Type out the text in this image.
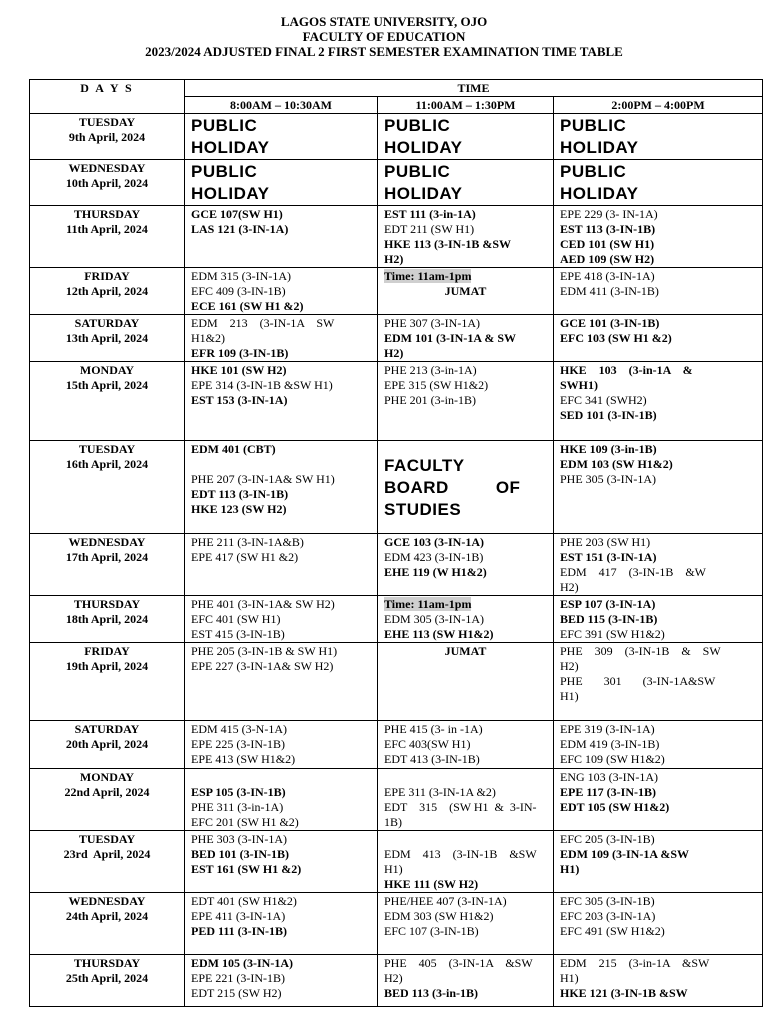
LAGOS STATE UNIVERSITY, OJO
FACULTY OF EDUCATION
2023/2024 ADJUSTED FINAL 2 FIRST SEMESTER EXAMINATION TIME TABLE
D A Y S	TIME		
	8:00AM – 10:30AM	11:00AM – 1:30PM	2:00PM – 4:00PM

TUESDAY
9th April, 2024	PUBLIC
HOLIDAY	PUBLIC
HOLIDAY	PUBLIC
HOLIDAY

WEDNESDAY
10th April, 2024	PUBLIC
HOLIDAY	PUBLIC
HOLIDAY	PUBLIC
HOLIDAY

THURSDAY
11th April, 2024	GCE 107(SW H1)
LAS 121 (3-IN-1A)	EST 111 (3-in-1A)
EDT 211 (SW H1)
HKE 113 (3-IN-1B &SW
H2)	EPE 229 (3- IN-1A)
EST 113 (3-IN-1B)
CED 101 (SW H1)
AED 109 (SW H2)

FRIDAY
12th April, 2024	EDM 315 (3-IN-1A)
EFC 409 (3-IN-1B)
ECE 161 (SW H1 &2)	Time: 11am-1pm
JUMAT	EPE 418 (3-IN-1A)
EDM 411 (3-IN-1B)

SATURDAY
13th April, 2024	EDM    213    (3-IN-1A    SW
H1&2)
EFR 109 (3-IN-1B)	PHE 307 (3-IN-1A)
EDM 101 (3-IN-1A & SW
H2)	GCE 101 (3-IN-1B)
EFC 103 (SW H1 &2)

MONDAY
15th April, 2024	HKE 101 (SW H2)
EPE 314 (3-IN-1B &SW H1)
EST 153 (3-IN-1A)	PHE 213 (3-in-1A)
EPE 315 (SW H1&2)
PHE 201 (3-in-1B)	HKE    103    (3-in-1A    &
SWH1)
EFC 341 (SWH2)
SED 101 (3-IN-1B)

TUESDAY
16th April, 2024	EDM 401 (CBT)
PHE 207 (3-IN-1A& SW H1)
EDT 113 (3-IN-1B)
HKE 123 (SW H2)	FACULTY
BOARD         OF
STUDIES	HKE 109 (3-in-1B)
EDM 103 (SW H1&2)
PHE 305 (3-IN-1A)

WEDNESDAY
17th April, 2024	PHE 211 (3-IN-1A&B)
EPE 417 (SW H1 &2)	GCE 103 (3-IN-1A)
EDM 423 (3-IN-1B)
EHE 119 (W H1&2)	PHE 203 (SW H1)
EST 151 (3-IN-1A)
EDM    417    (3-IN-1B    &W
H2)

THURSDAY
18th April, 2024	PHE 401 (3-IN-1A& SW H2)
EFC 401 (SW H1)
EST 415 (3-IN-1B)	Time: 11am-1pm
EDM 305 (3-IN-1A)
EHE 113 (SW H1&2)	ESP 107 (3-IN-1A)
BED 115 (3-IN-1B)
EFC 391 (SW H1&2)

FRIDAY
19th April, 2024	PHE 205 (3-IN-1B & SW H1)
EPE 227 (3-IN-1A& SW H2)	JUMAT	PHE    309    (3-IN-1B    &    SW
H2)
PHE       301       (3-IN-1A&SW
H1)

SATURDAY
20th April, 2024	EDM 415 (3-N-1A)
EPE 225 (3-IN-1B)
EPE 413 (SW H1&2)	PHE 415 (3- in -1A)
EFC 403(SW H1)
EDT 413 (3-IN-1B)	EPE 319 (3-IN-1A)
EDM 419 (3-IN-1B)
EFC 109 (SW H1&2)

MONDAY
22nd April, 2024	ESP 105 (3-IN-1B)
PHE 311 (3-in-1A)
EFC 201 (SW H1 &2)	EPE 311 (3-IN-1A &2)
EDT    315    (SW H1  &  3-IN-
1B)	ENG 103 (3-IN-1A)
EPE 117 (3-IN-1B)
EDT 105 (SW H1&2)

TUESDAY
23rd  April, 2024	PHE 303 (3-IN-1A)
BED 101 (3-IN-1B)
EST 161 (SW H1 &2)	EDM    413    (3-IN-1B    &SW
H1)
HKE 111 (SW H2)	EFC 205 (3-IN-1B)
EDM 109 (3-IN-1A &SW
H1)

WEDNESDAY
24th April, 2024	EDT 401 (SW H1&2)
EPE 411 (3-IN-1A)
PED 111 (3-IN-1B)	PHE/HEE 407 (3-IN-1A)
EDM 303 (SW H1&2)
EFC 107 (3-IN-1B)	EFC 305 (3-IN-1B)
EFC 203 (3-IN-1A)
EFC 491 (SW H1&2)

THURSDAY
25th April, 2024	EDM 105 (3-IN-1A)
EPE 221 (3-IN-1B)
EDT 215 (SW H2)	PHE    405    (3-IN-1A    &SW
H2)
BED 113 (3-in-1B)	EDM    215    (3-in-1A    &SW
H1)
HKE 121 (3-IN-1B &SW
